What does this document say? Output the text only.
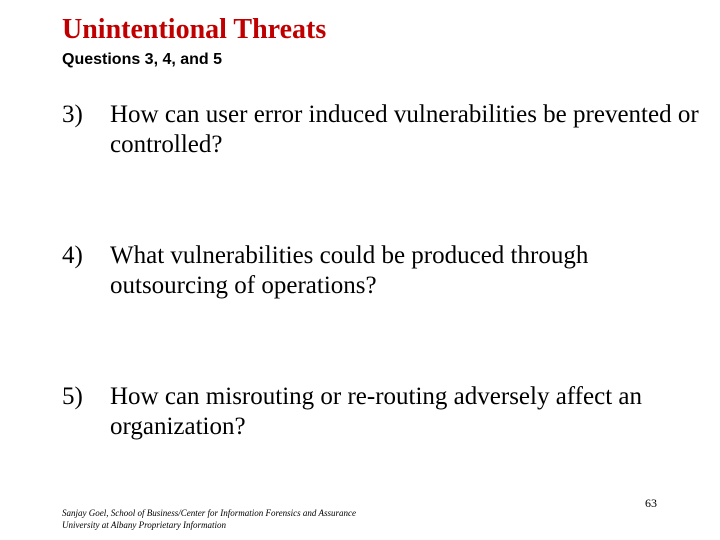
Unintentional Threats
Questions 3, 4, and 5
3) How can user error induced vulnerabilities be prevented or controlled?
4) What vulnerabilities could be produced through outsourcing of operations?
5) How can misrouting or re-routing adversely affect an organization?
Sanjay Goel, School of Business/Center for Information Forensics and Assurance
University at Albany Proprietary Information
63
